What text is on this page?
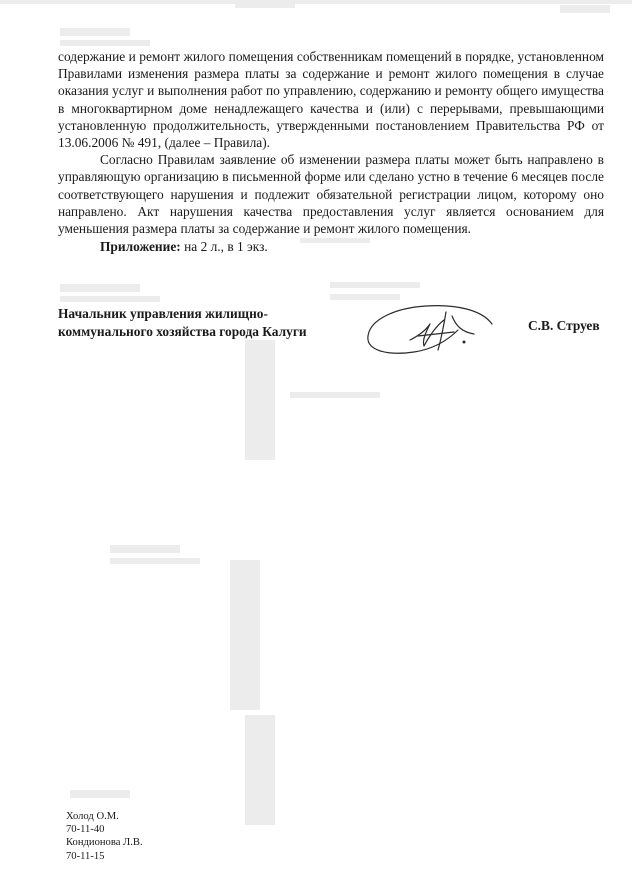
содержание и ремонт жилого помещения собственникам помещений в порядке, установленном Правилами изменения размера платы за содержание и ремонт жилого помещения в случае оказания услуг и выполнения работ по управлению, содержанию и ремонту общего имущества в многоквартирном доме ненадлежащего качества и (или) с перерывами, превышающими установленную продолжительность, утвержденными постановлением Правительства РФ от 13.06.2006 № 491, (далее – Правила).

Согласно Правилам заявление об изменении размера платы может быть направлено в управляющую организацию в письменной форме или сделано устно в течение 6 месяцев после соответствующего нарушения и подлежит обязательной регистрации лицом, которому оно направлено. Акт нарушения качества предоставления услуг является основанием для уменьшения размера платы за содержание и ремонт жилого помещения.

Приложение: на 2 л., в 1 экз.
Начальник управления жилищно-
коммунального хозяйства города Калуги	С.В. Струев
Холод О.М.
70-11-40
Кондионова Л.В.
70-11-15
